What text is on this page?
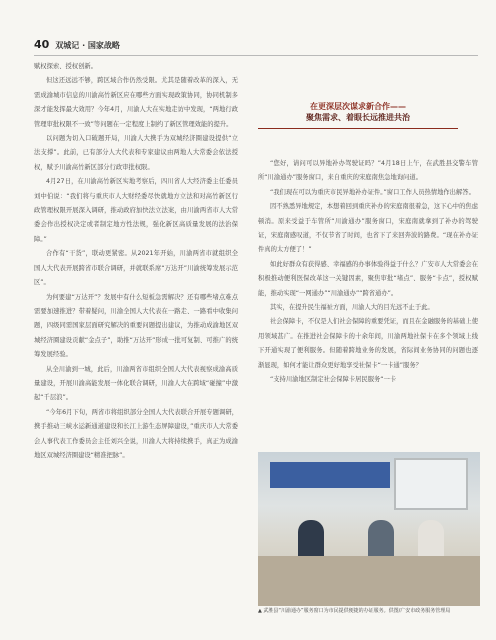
40 双城记 · 国家战略

赋权探索、授权创新。

但这还远远不够，跨区域合作仍然受限。尤其是随着改革的深入，无需成渝城市信息的川渝高竹新区应在哪些方面实现政策协同，协同机制多深才能发挥最大效用？今年4月，川渝人大在实地走访中发现，“两地行政管理审批权限不一致”等问题在一定程度上制约了新区管理效能的提升。

以问题为切入口破题开局，川渝人大携手为双城经济圈建设提供“立法支撑”。此前，已有部分人大代表和专家建议由两地人大常委会依法授权，赋予川渝高竹新区部分行政审批权限。

4月27日，在川渝高竹新区实地考察后，四川省人大经济委主任委员刘中伯说：“我们将与重庆市人大财经委尽快就地方立法和对高竹新区行政管理权限开展深入调研，推动政府加快法立法案，由川渝两省市人大常委会作出授权决定或者制定地方性法规，强化新区高质量发展的法治保障。”

合作有“干货”，联动更紧密。从2021年开始，川渝两省市就组织全国人大代表开展跨省市联合调研，并就联系席“万达开”川渝统筹发展示范区”。

为何要建“万达开”？发展中有什么短板急需解决？还有哪些堵点难点需要加速推进？带着疑问，川渝全国人大代表在一路走、一路看中收集问题，四级同需国家层面研究解决的重要问题提出建议，为推动成渝地区双城经济圈建设贡献“金点子”，助推“万达开”形成一批可复制、可推广的统筹发展经验。

从全川渝到一城，此后，川渝两省市组织全国人大代表视察成渝高质量建设，开展川渝高能发展一体化联合调研，川渝人大在跨域“碰撞”中激起“千层浪”。

“今年6月下旬，两省市将组织部分全国人大代表联合开展专题调研，携手推动三峡水运新通道建设和长江上游生态屏障建设，”重庆市人大常委会人事代表工作委员会主任刘兴全说，川渝人大将持续携手，真正为成渝地区双城经济圈建设“精准把脉”。

在更深层次谋求新合作——
聚焦需求、着眼长远推进共治

“您好，请问可以异地补办驾驶证吗？”4月18日上午，在武胜县交警车管所“川渝通办”服务窗口，来自重庆的宋庭南焦急地询问道。

“我们现在可以为重庆市民异地补办证件。”窗口工作人员热情地作出解答。

因不熟悉异地规定，本想着回到重庆补办的宋庭南很着急，这下心中的焦虑顿消。原来受益于车管所“川渝通办”服务窗口，宋庭南就拿到了补办的驾驶证，宋庭南感叹道，不仅节省了时间，也省下了来回奔波的路费。“现在补办证件真的太方便了！”

如此好群众有获得感、幸福感的办事体验得益于什么？广安市人大常委会在积极推动便利医保改革这一关键因素，聚焦审批“堵点”、服务“卡点”，授权赋能，推动实现“一网通办”“川渝通办”“跨省通办”。

其实，在提升民生福祉方面，川渝人大的目光远不止于此。

社会保障卡，不仅是人们社会保障的重要凭证，而且在金融服务的基础上使用领域甚广。在推进社会保障卡的十余年间，川渝两地社保卡在多个领域上线下开通实现了便利服务。但随着跨地业务的发展，省际间业务协同的问题也逐渐显现，如何才能让群众更好地享受社保卡“一卡通”服务？

“支持川渝地区制定社会保障卡居民服务“一卡

▲ 武胜县“川渝通办”服务窗口为市民提供便捷的办证服务。供图/广安市政务服务管理局
